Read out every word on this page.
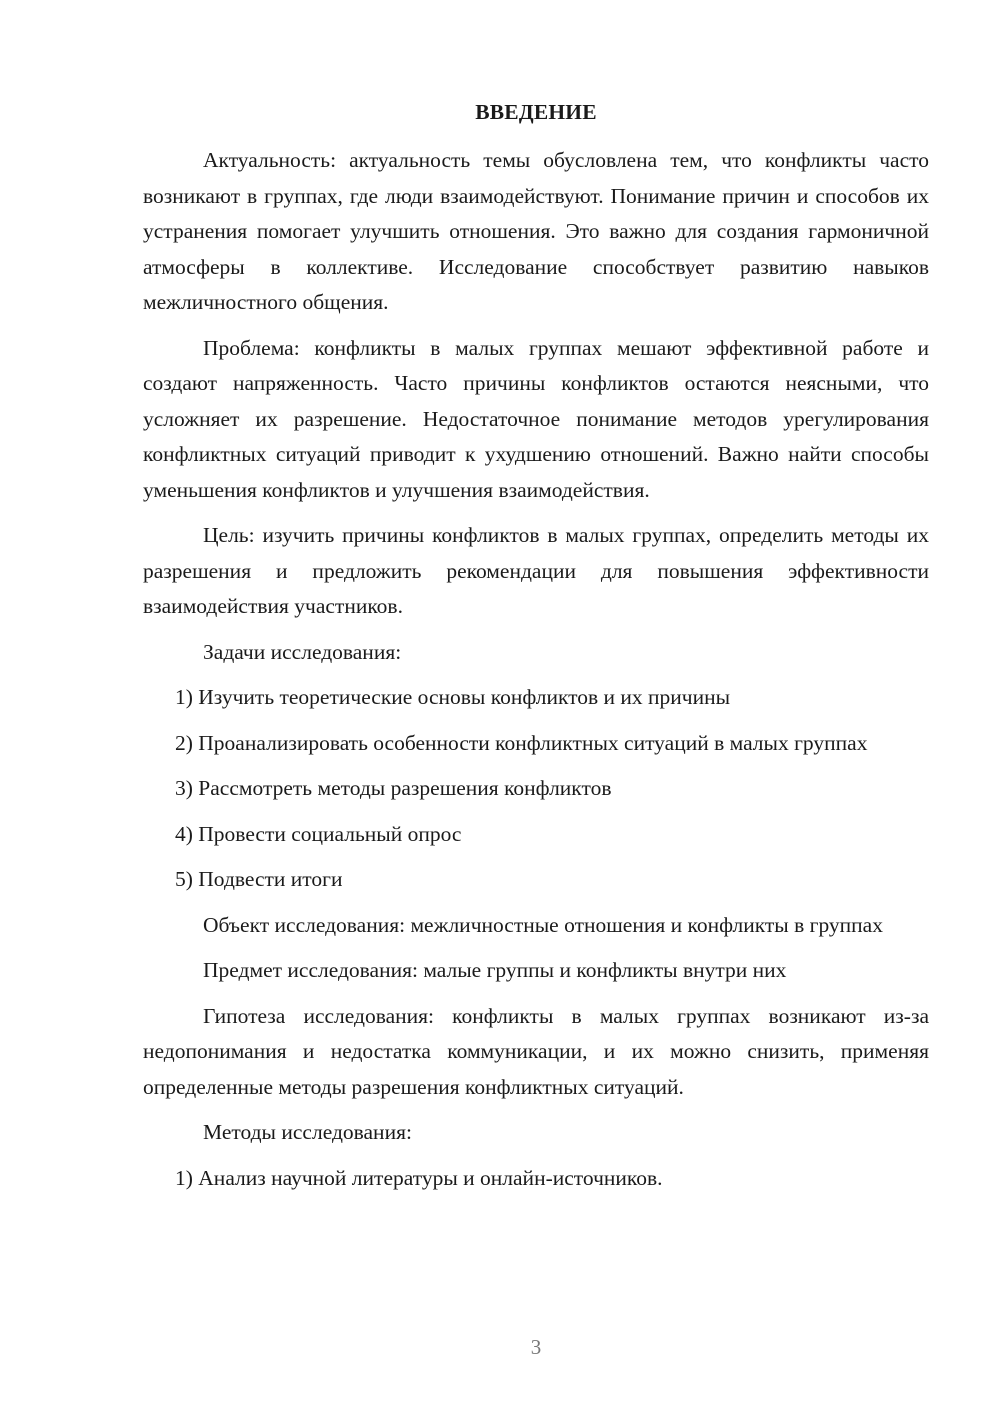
ВВЕДЕНИЕ

Актуальность: актуальность темы обусловлена тем, что конфликты часто возникают в группах, где люди взаимодействуют. Понимание причин и способов их устранения помогает улучшить отношения. Это важно для создания гармоничной атмосферы в коллективе. Исследование способствует развитию навыков межличностного общения.

Проблема: конфликты в малых группах мешают эффективной работе и создают напряженность. Часто причины конфликтов остаются неясными, что усложняет их разрешение. Недостаточное понимание методов урегулирования конфликтных ситуаций приводит к ухудшению отношений. Важно найти способы уменьшения конфликтов и улучшения взаимодействия.

Цель: изучить причины конфликтов в малых группах, определить методы их разрешения и предложить рекомендации для повышения эффективности взаимодействия участников.

Задачи исследования:

1) Изучить теоретические основы конфликтов и их причины

2) Проанализировать особенности конфликтных ситуаций в малых группах

3) Рассмотреть методы разрешения конфликтов

4) Провести социальный опрос

5) Подвести итоги

Объект исследования: межличностные отношения и конфликты в группах

Предмет исследования: малые группы и конфликты внутри них

Гипотеза исследования: конфликты в малых группах возникают из-за недопонимания и недостатка коммуникации, и их можно снизить, применяя определенные методы разрешения конфликтных ситуаций.

Методы исследования:

1) Анализ научной литературы и онлайн-источников.

3
